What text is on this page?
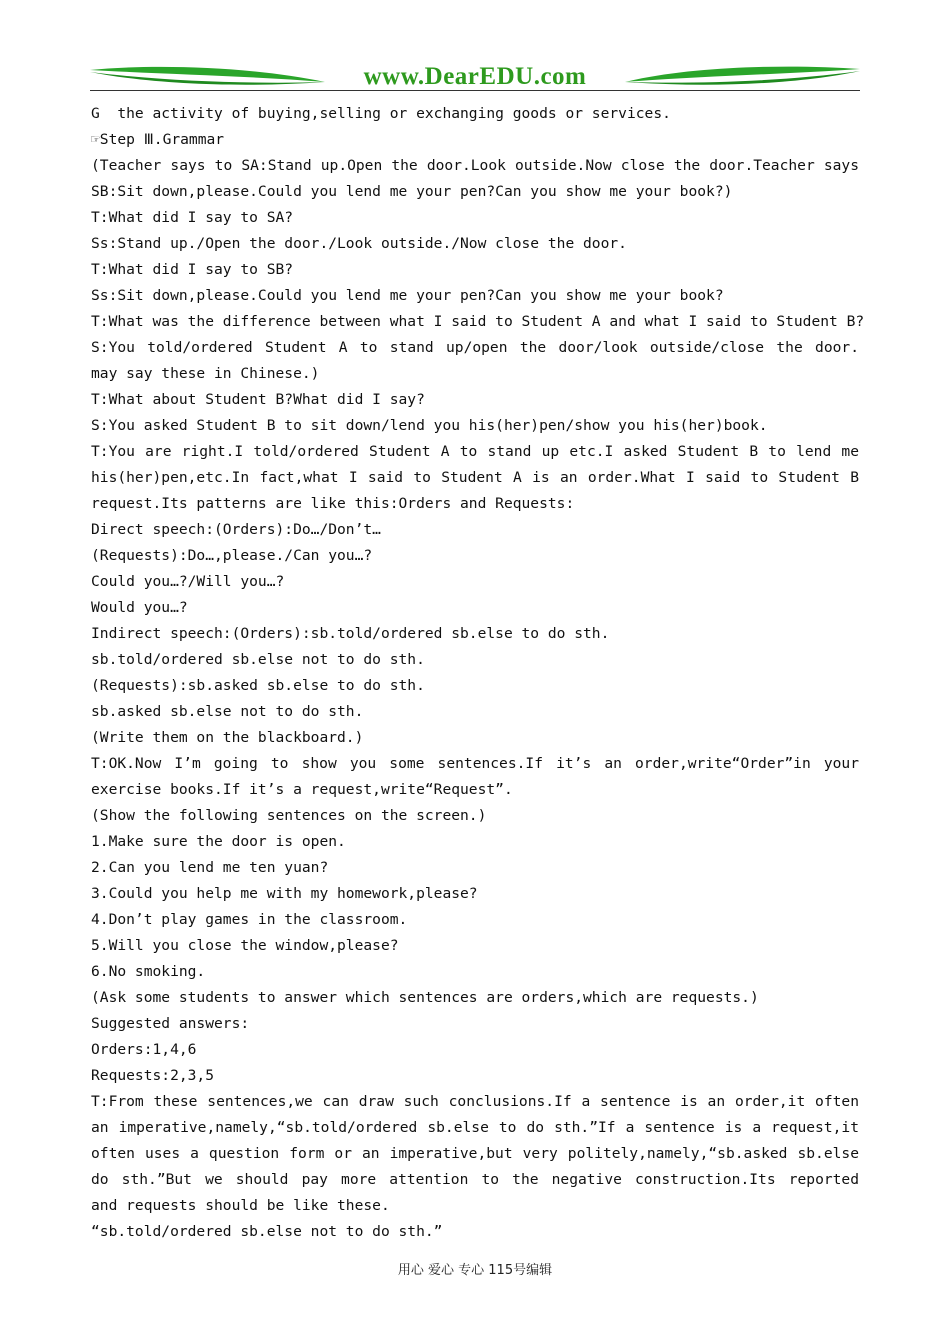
www.DearEDU.com
G  the activity of buying,selling or exchanging goods or services.
☞Step Ⅲ.Grammar
(Teacher says to SA:Stand up.Open the door.Look outside.Now close the door.Teacher says
SB:Sit down,please.Could you lend me your pen?Can you show me your book?)
T:What did I say to SA?
Ss:Stand up./Open the door./Look outside./Now close the door.
T:What did I say to SB?
Ss:Sit down,please.Could you lend me your pen?Can you show me your book?
T:What was the difference between what I said to Student A and what I said to Student B?
S:You told/ordered Student A to stand up/open the door/look outside/close the door.
may say these in Chinese.)
T:What about Student B?What did I say?
S:You asked Student B to sit down/lend you his(her)pen/show you his(her)book.
T:You are right.I told/ordered Student A to stand up etc.I asked Student B to lend me
his(her)pen,etc.In fact,what I said to Student A is an order.What I said to Student B
request.Its patterns are like this:Orders and Requests:
Direct speech:(Orders):Do…/Don’t…
(Requests):Do…,please./Can you…?
Could you…?/Will you…?
Would you…?
Indirect speech:(Orders):sb.told/ordered sb.else to do sth.
sb.told/ordered sb.else not to do sth.
(Requests):sb.asked sb.else to do sth.
sb.asked sb.else not to do sth.
(Write them on the blackboard.)
T:OK.Now I’m going to show you some sentences.If it’s an order,write“Order”in your
exercise books.If it’s a request,write“Request”.
(Show the following sentences on the screen.)
1.Make sure the door is open.
2.Can you lend me ten yuan?
3.Could you help me with my homework,please?
4.Don’t play games in the classroom.
5.Will you close the window,please?
6.No smoking.
(Ask some students to answer which sentences are orders,which are requests.)
Suggested answers:
Orders:1,4,6
Requests:2,3,5
T:From these sentences,we can draw such conclusions.If a sentence is an order,it often
an imperative,namely,“sb.told/ordered sb.else to do sth.”If a sentence is a request,it
often uses a question form or an imperative,but very politely,namely,“sb.asked sb.else
do sth.”But we should pay more attention to the negative construction.Its reported
and requests should be like these.
“sb.told/ordered sb.else not to do sth.”
用心 爱心 专心 115号编辑
